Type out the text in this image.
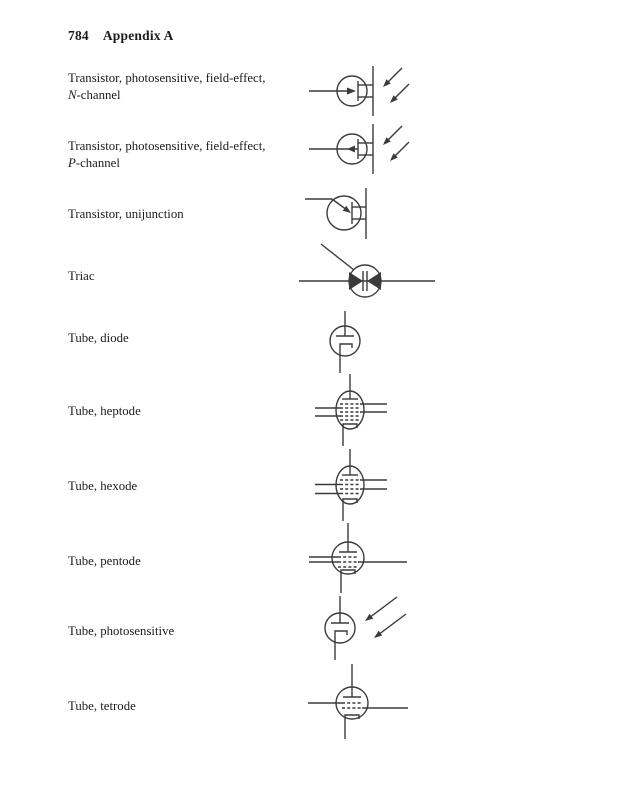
784 Appendix A
Transistor, photosensitive, field-effect,
N-channel
Transistor, photosensitive, field-effect,
P-channel
Transistor, unijunction
Triac
Tube, diode
Tube, heptode
Tube, hexode
Tube, pentode
Tube, photosensitive
Tube, tetrode
